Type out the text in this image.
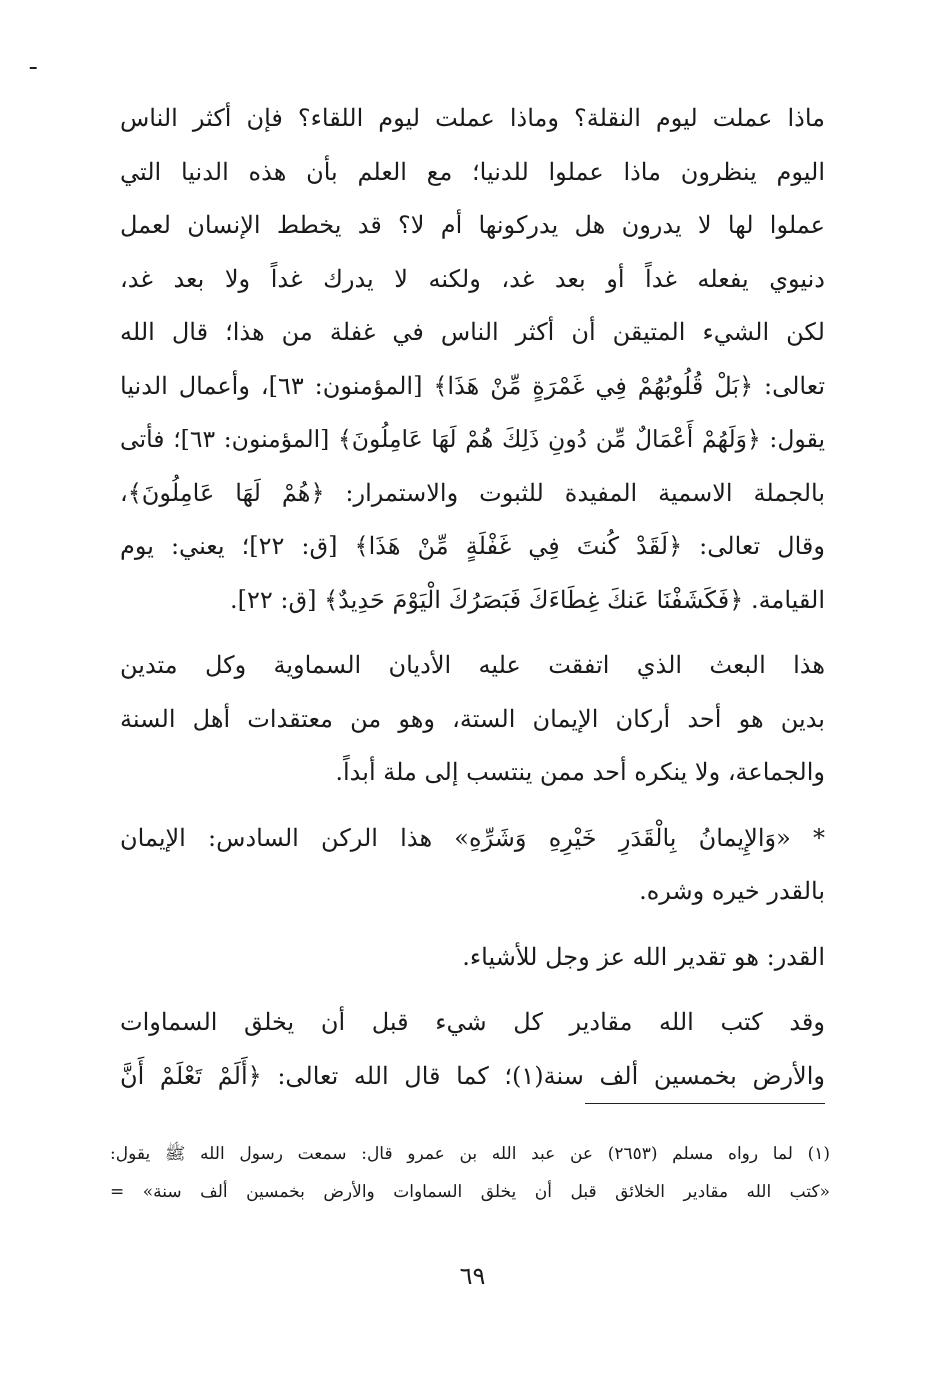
ـ

ماذا عملت ليوم النقلة؟ وماذا عملت ليوم اللقاء؟ فإن أكثر الناس
اليوم ينظرون ماذا عملوا للدنيا؛ مع العلم بأن هذه الدنيا التي
عملوا لها لا يدرون هل يدركونها أم لا؟ قد يخطط الإنسان لعمل
دنيوي يفعله غداً أو بعد غد، ولكنه لا يدرك غداً ولا بعد غد،
لكن الشيء المتيقن أن أكثر الناس في غفلة من هذا؛ قال الله
تعالى: ﴿بَلْ قُلُوبُهُمْ فِي غَمْرَةٍ مِّنْ هَذَا﴾ [المؤمنون: ٦٣]، وأعمال الدنيا
يقول: ﴿وَلَهُمْ أَعْمَالٌ مِّن دُونِ ذَلِكَ هُمْ لَهَا عَامِلُونَ﴾ [المؤمنون: ٦٣]؛ فأتى
بالجملة الاسمية المفيدة للثبوت والاستمرار: ﴿هُمْ لَهَا عَامِلُونَ﴾،
وقال تعالى: ﴿لَقَدْ كُنتَ فِي غَفْلَةٍ مِّنْ هَذَا﴾ [ق: ٢٢]؛ يعني: يوم
القيامة. ﴿فَكَشَفْنَا عَنكَ غِطَاءَكَ فَبَصَرُكَ الْيَوْمَ حَدِيدٌ﴾ [ق: ٢٢].

هذا البعث الذي اتفقت عليه الأديان السماوية وكل متدين
بدين هو أحد أركان الإيمان الستة، وهو من معتقدات أهل السنة
والجماعة، ولا ينكره أحد ممن ينتسب إلى ملة أبداً.

* «وَالإِيمانُ بِالْقَدَرِ خَيْرِهِ وَشَرِّهِ» هذا الركن السادس: الإيمان
بالقدر خيره وشره.

القدر: هو تقدير الله عز وجل للأشياء.

وقد كتب الله مقادير كل شيء قبل أن يخلق السماوات
والأرض بخمسين ألف سنة(١)؛ كما قال الله تعالى: ﴿أَلَمْ تَعْلَمْ أَنَّ

(١) لما رواه مسلم (٢٦٥٣) عن عبد الله بن عمرو قال: سمعت رسول الله ﷺ يقول:
«كتب الله مقادير الخلائق قبل أن يخلق السماوات والأرض بخمسين ألف سنة» =
٦٩
